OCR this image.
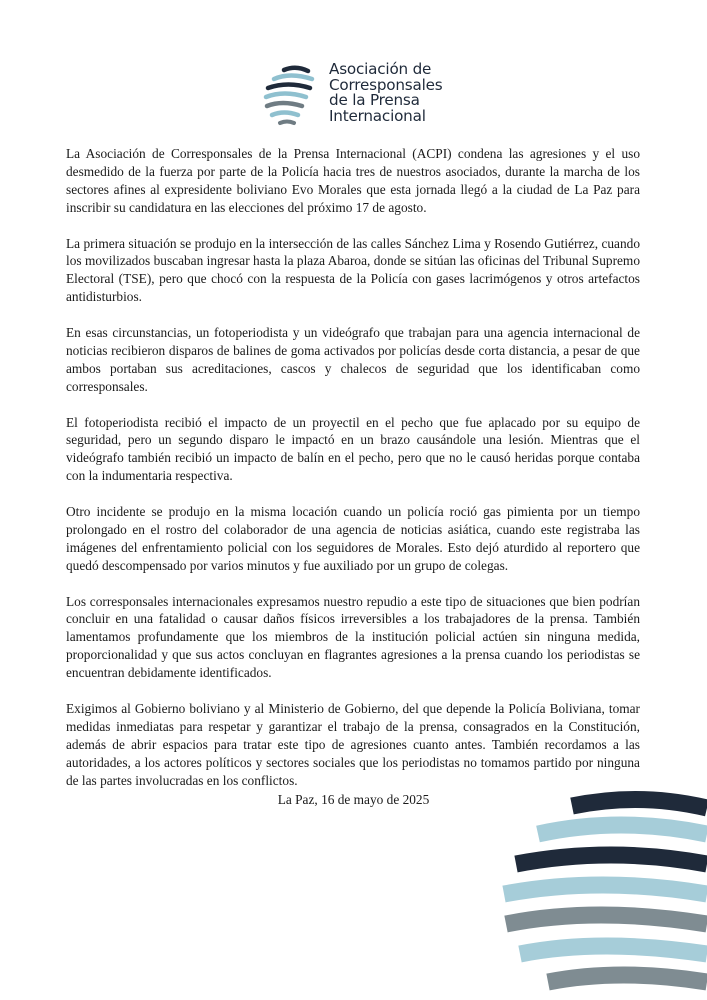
Asociación de
Corresponsales
de la Prensa
Internacional

La Asociación de Corresponsales de la Prensa Internacional (ACPI) condena las agresiones y el uso desmedido de la fuerza por parte de la Policía hacia tres de nuestros asociados, durante la marcha de los sectores afines al expresidente boliviano Evo Morales que esta jornada llegó a la ciudad de La Paz para inscribir su candidatura en las elecciones del próximo 17 de agosto.

La primera situación se produjo en la intersección de las calles Sánchez Lima y Rosendo Gutiérrez, cuando los movilizados buscaban ingresar hasta la plaza Abaroa, donde se sitúan las oficinas del Tribunal Supremo Electoral (TSE), pero que chocó con la respuesta de la Policía con gases lacrimógenos y otros artefactos antidisturbios.

En esas circunstancias, un fotoperiodista y un videógrafo que trabajan para una agencia internacional de noticias recibieron disparos de balines de goma activados por policías desde corta distancia, a pesar de que ambos portaban sus acreditaciones, cascos y chalecos de seguridad que los identificaban como corresponsales.

El fotoperiodista recibió el impacto de un proyectil en el pecho que fue aplacado por su equipo de seguridad, pero un segundo disparo le impactó en un brazo causándole una lesión. Mientras que el videógrafo también recibió un impacto de balín en el pecho, pero que no le causó heridas porque contaba con la indumentaria respectiva.

Otro incidente se produjo en la misma locación cuando un policía roció gas pimienta por un tiempo prolongado en el rostro del colaborador de una agencia de noticias asiática, cuando este registraba las imágenes del enfrentamiento policial con los seguidores de Morales. Esto dejó aturdido al reportero que quedó descompensado por varios minutos y fue auxiliado por un grupo de colegas.

Los corresponsales internacionales expresamos nuestro repudio a este tipo de situaciones que bien podrían concluir en una fatalidad o causar daños físicos irreversibles a los trabajadores de la prensa. También lamentamos profundamente que los miembros de la institución policial actúen sin ninguna medida, proporcionalidad y que sus actos concluyan en flagrantes agresiones a la prensa cuando los periodistas se encuentran debidamente identificados.

Exigimos al Gobierno boliviano y al Ministerio de Gobierno, del que depende la Policía Boliviana, tomar medidas inmediatas para respetar y garantizar el trabajo de la prensa, consagrados en la Constitución, además de abrir espacios para tratar este tipo de agresiones cuanto antes. También recordamos a las autoridades, a los actores políticos y sectores sociales que los periodistas no tomamos partido por ninguna de las partes involucradas en los conflictos.

La Paz, 16 de mayo de 2025
